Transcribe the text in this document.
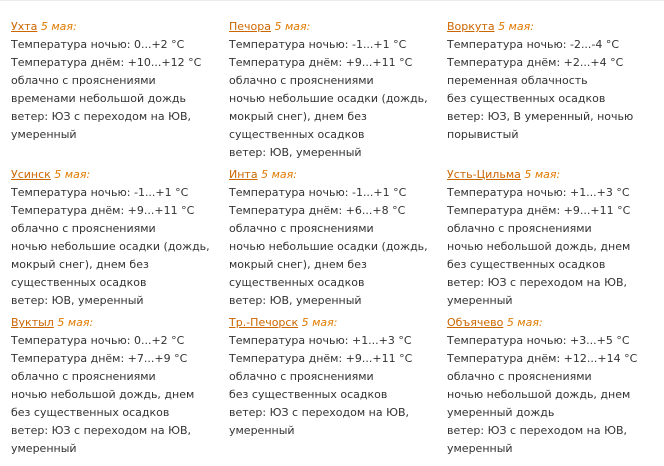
Ухта 5 мая:

Температура ночью: 0...+2 °C

Температура днём: +10...+12 °C

облачно с прояснениями

временами небольшой дождь

ветер: ЮЗ с переходом на ЮВ, умеренный

Печора 5 мая:

Температура ночью: -1...+1 °C

Температура днём: +9...+11 °C

облачно с прояснениями

ночью небольшие осадки (дождь, мокрый снег), днем без существенных осадков

ветер: ЮВ, умеренный

Воркута 5 мая:

Температура ночью: -2...-4 °C

Температура днём: +2...+4 °C

переменная облачность

без существенных осадков

ветер: ЮЗ, В умеренный, ночью порывистый

Усинск 5 мая:

Температура ночью: -1...+1 °C

Температура днём: +9...+11 °C

облачно с прояснениями

ночью небольшие осадки (дождь, мокрый снег), днем без существенных осадков

ветер: ЮВ, умеренный

Инта 5 мая:

Температура ночью: -1...+1 °C

Температура днём: +6...+8 °C

облачно с прояснениями

ночью небольшие осадки (дождь, мокрый снег), днем без существенных осадков

ветер: ЮВ, умеренный

Усть-Цильма 5 мая:

Температура ночью: +1...+3 °C

Температура днём: +9...+11 °C

облачно с прояснениями

ночью небольшой дождь, днем без существенных осадков

ветер: ЮЗ с переходом на ЮВ, умеренный

Вуктыл 5 мая:

Температура ночью: 0...+2 °C

Температура днём: +7...+9 °C

облачно с прояснениями

ночью небольшой дождь, днем без существенных осадков

ветер: ЮЗ с переходом на ЮВ, умеренный

Тр.-Печорск 5 мая:

Температура ночью: +1...+3 °C

Температура днём: +9...+11 °C

облачно с прояснениями

без существенных осадков

ветер: ЮЗ с переходом на ЮВ, умеренный

Объячево 5 мая:

Температура ночью: +3...+5 °C

Температура днём: +12...+14 °C

облачно с прояснениями

ночью небольшой дождь, днем умеренный дождь

ветер: ЮЗ с переходом на ЮВ, умеренный
